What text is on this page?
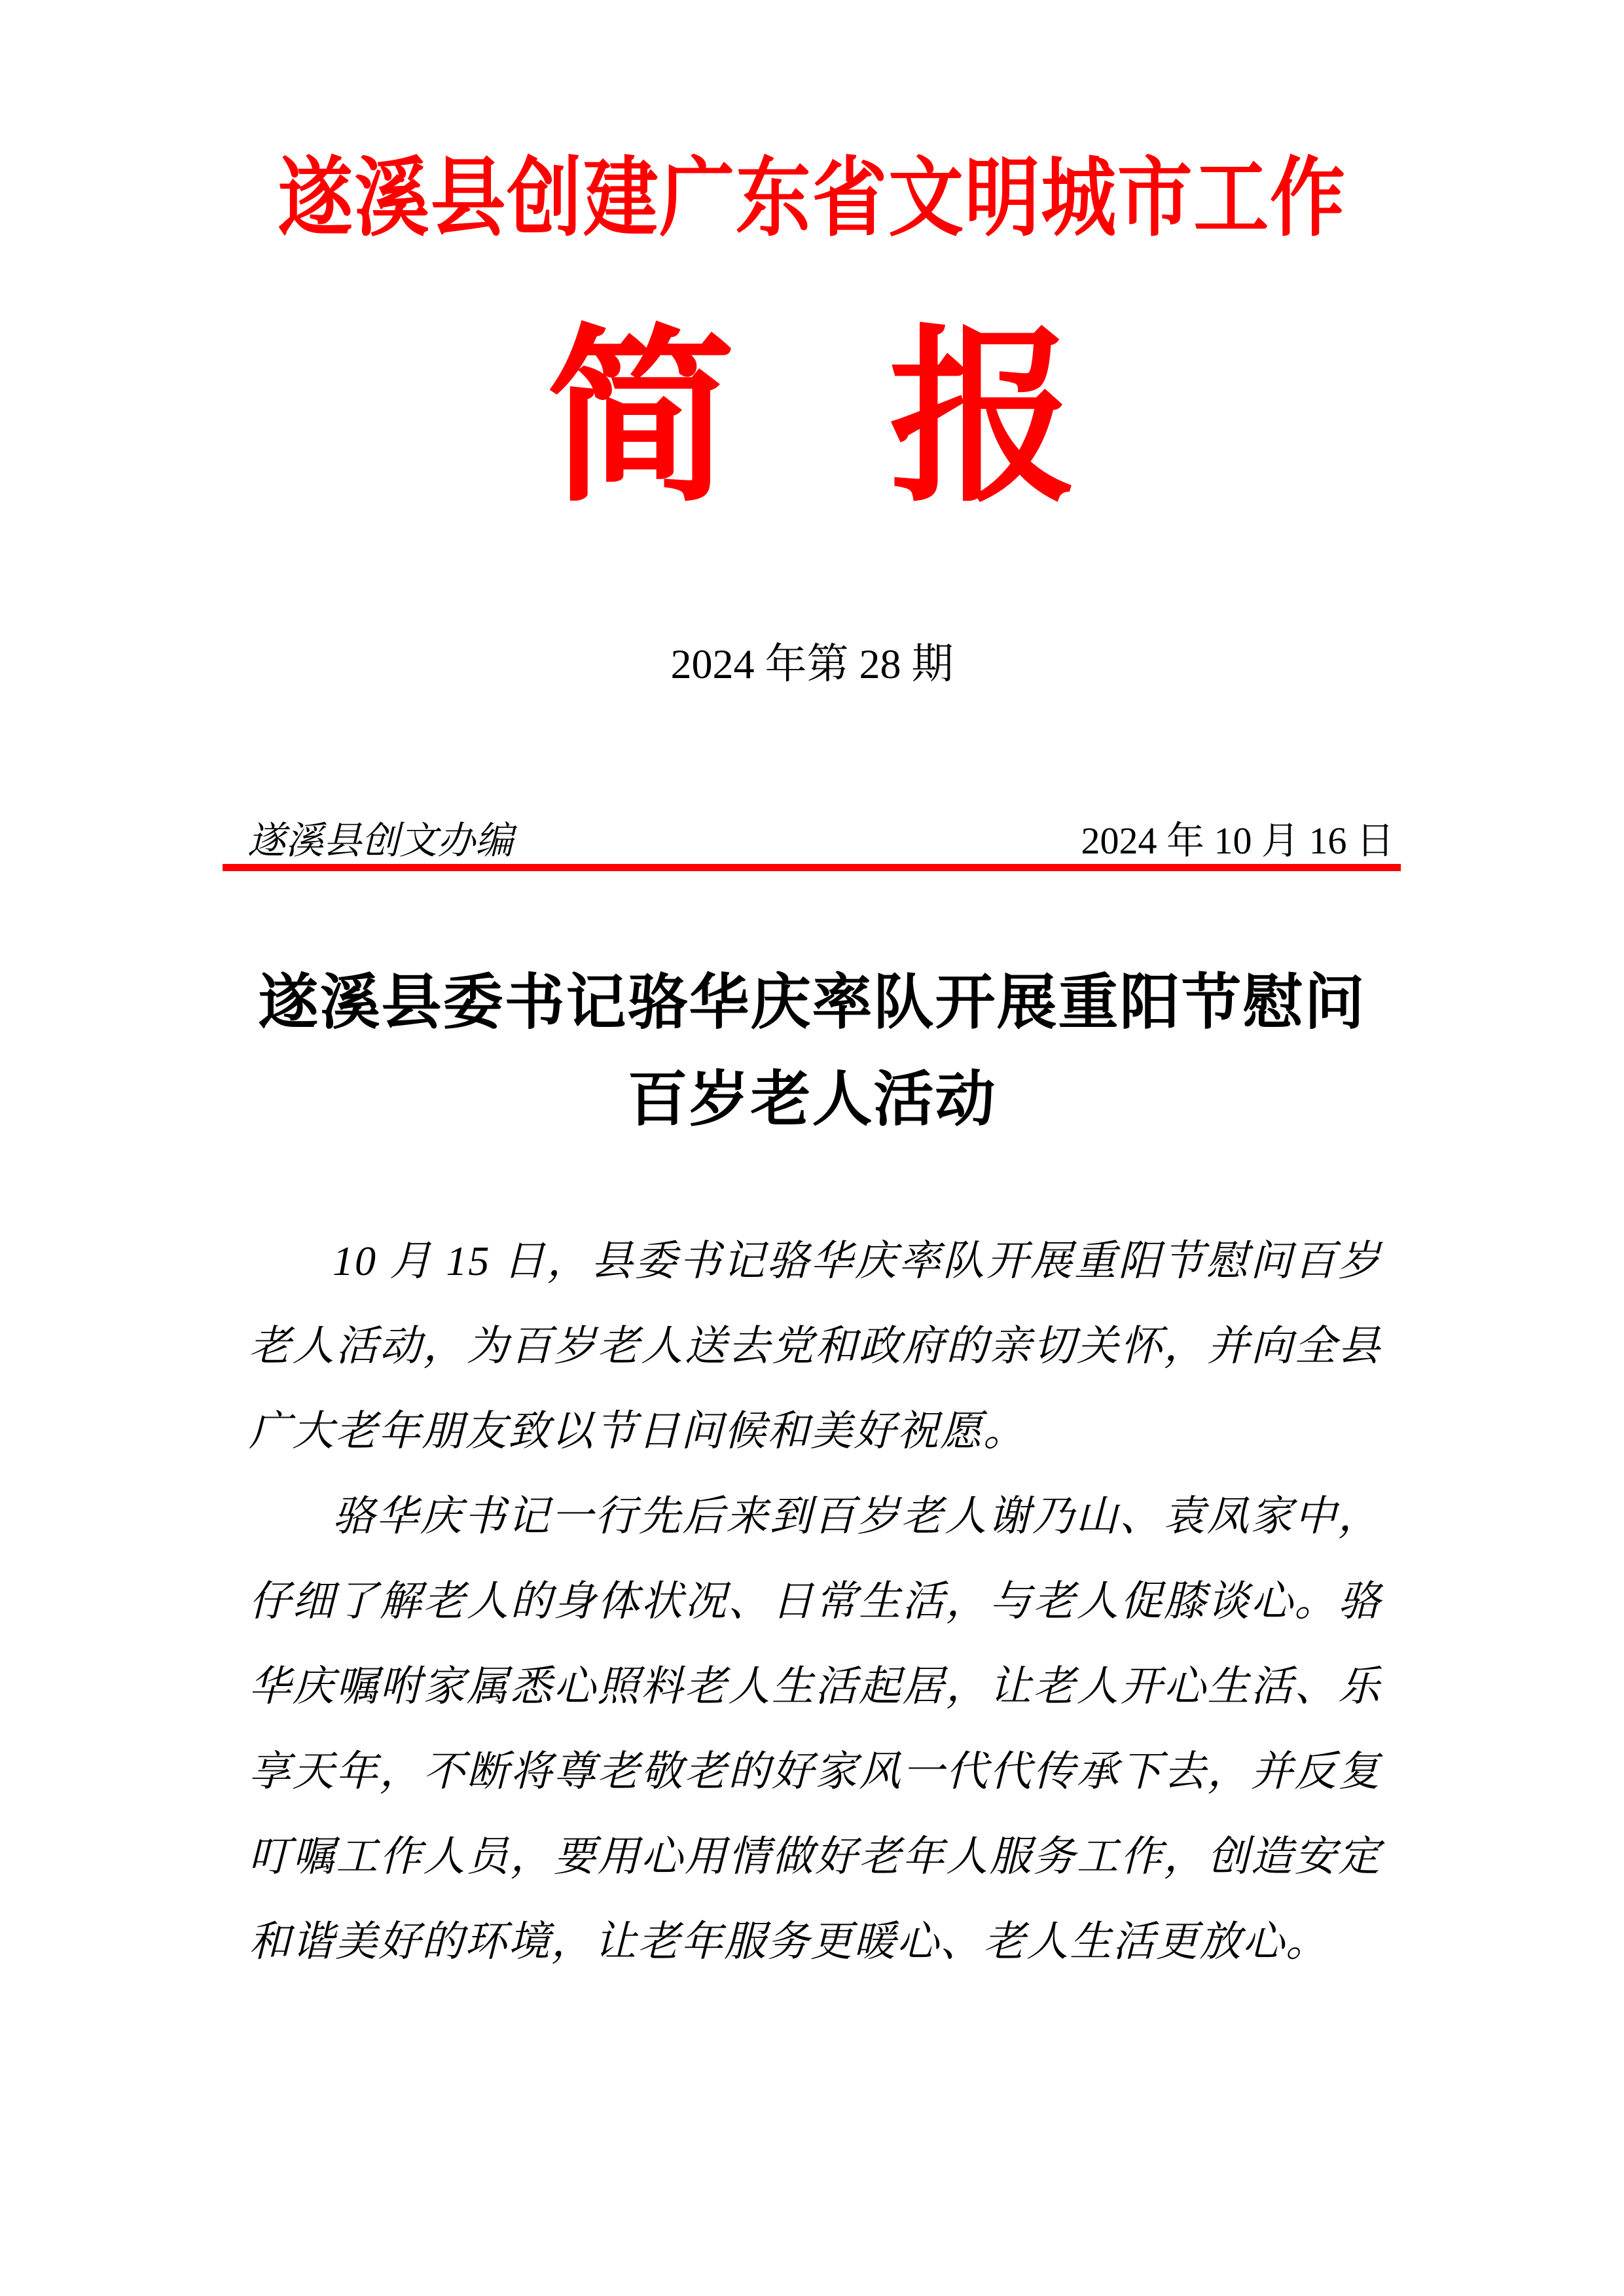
遂溪县创建广东省文明城市工作
简 报
2024 年第 28 期
遂溪县创文办编	2024 年 10 月 16 日
遂溪县委书记骆华庆率队开展重阳节慰问
百岁老人活动

10 月 15 日，县委书记骆华庆率队开展重阳节慰问百岁老人活动，为百岁老人送去党和政府的亲切关怀，并向全县广大老年朋友致以节日问候和美好祝愿。

骆华庆书记一行先后来到百岁老人谢乃山、袁凤家中，仔细了解老人的身体状况、日常生活，与老人促膝谈心。骆华庆嘱咐家属悉心照料老人生活起居，让老人开心生活、乐享天年，不断将尊老敬老的好家风一代代传承下去，并反复叮嘱工作人员，要用心用情做好老年人服务工作，创造安定和谐美好的环境，让老年服务更暖心、老人生活更放心。
